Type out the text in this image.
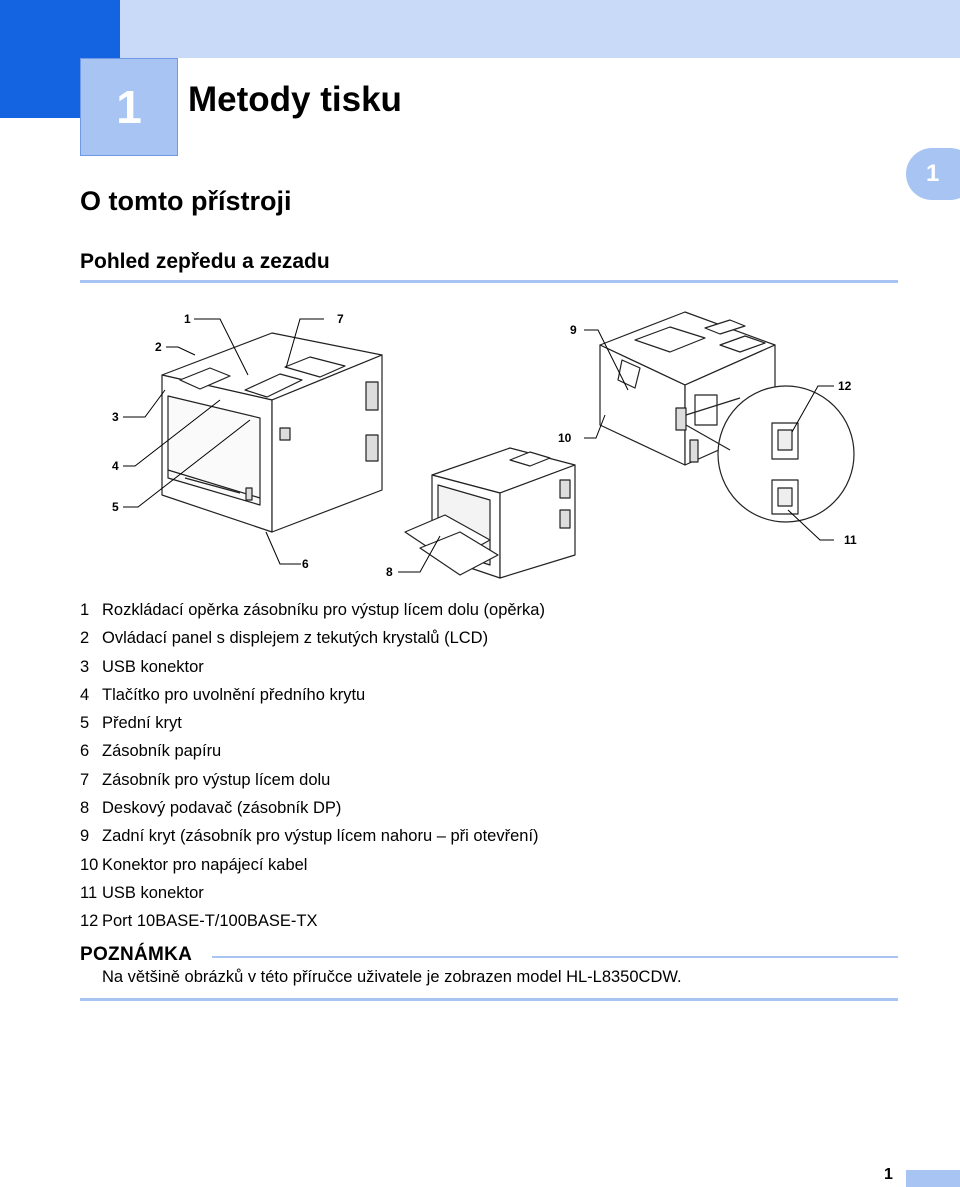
1 Metody tisku
1
O tomto přístroji
Pohled zepředu a zezadu
1
2
3
4
5
6
7
8
9
10
11
12
1 Rozkládací opěrka zásobníku pro výstup lícem dolu (opěrka)
2 Ovládací panel s displejem z tekutých krystalů (LCD)
3 USB konektor
4 Tlačítko pro uvolnění předního krytu
5 Přední kryt
6 Zásobník papíru
7 Zásobník pro výstup lícem dolu
8 Deskový podavač (zásobník DP)
9 Zadní kryt (zásobník pro výstup lícem nahoru – při otevření)
10 Konektor pro napájecí kabel
11 USB konektor
12 Port 10BASE-T/100BASE-TX
POZNÁMKA
Na většině obrázků v této příručce uživatele je zobrazen model HL-L8350CDW.
1
